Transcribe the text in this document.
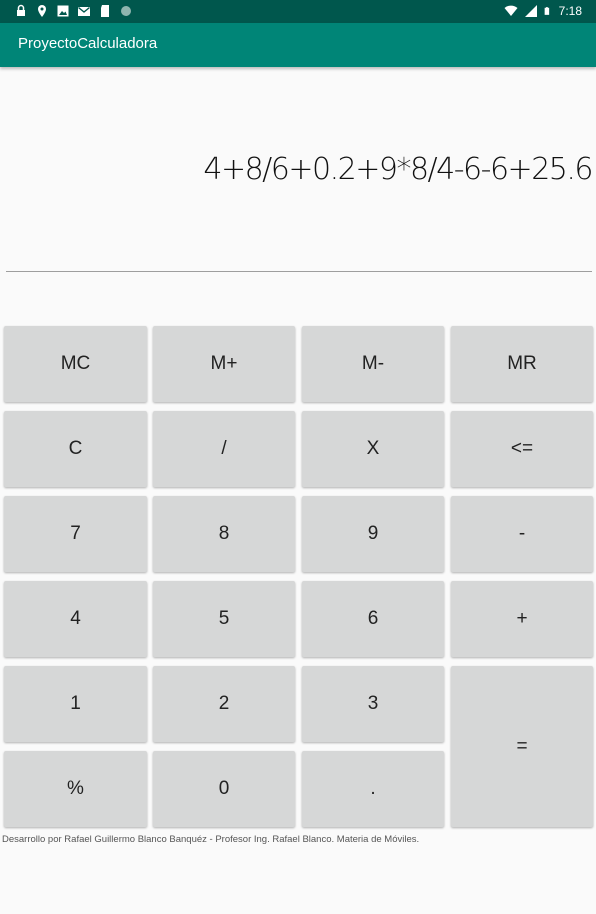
7:18
ProyectoCalculadora
4+8/6+0.2+9*8/4-6-6+25.6
MC	M+	M-	MR
C	/	X	<=
7	8	9	-
4	5	6	+
1	2	3
=
%	0	.
Desarrollo por Rafael Guillermo Blanco Banquéz - Profesor Ing. Rafael Blanco. Materia de Móviles.
